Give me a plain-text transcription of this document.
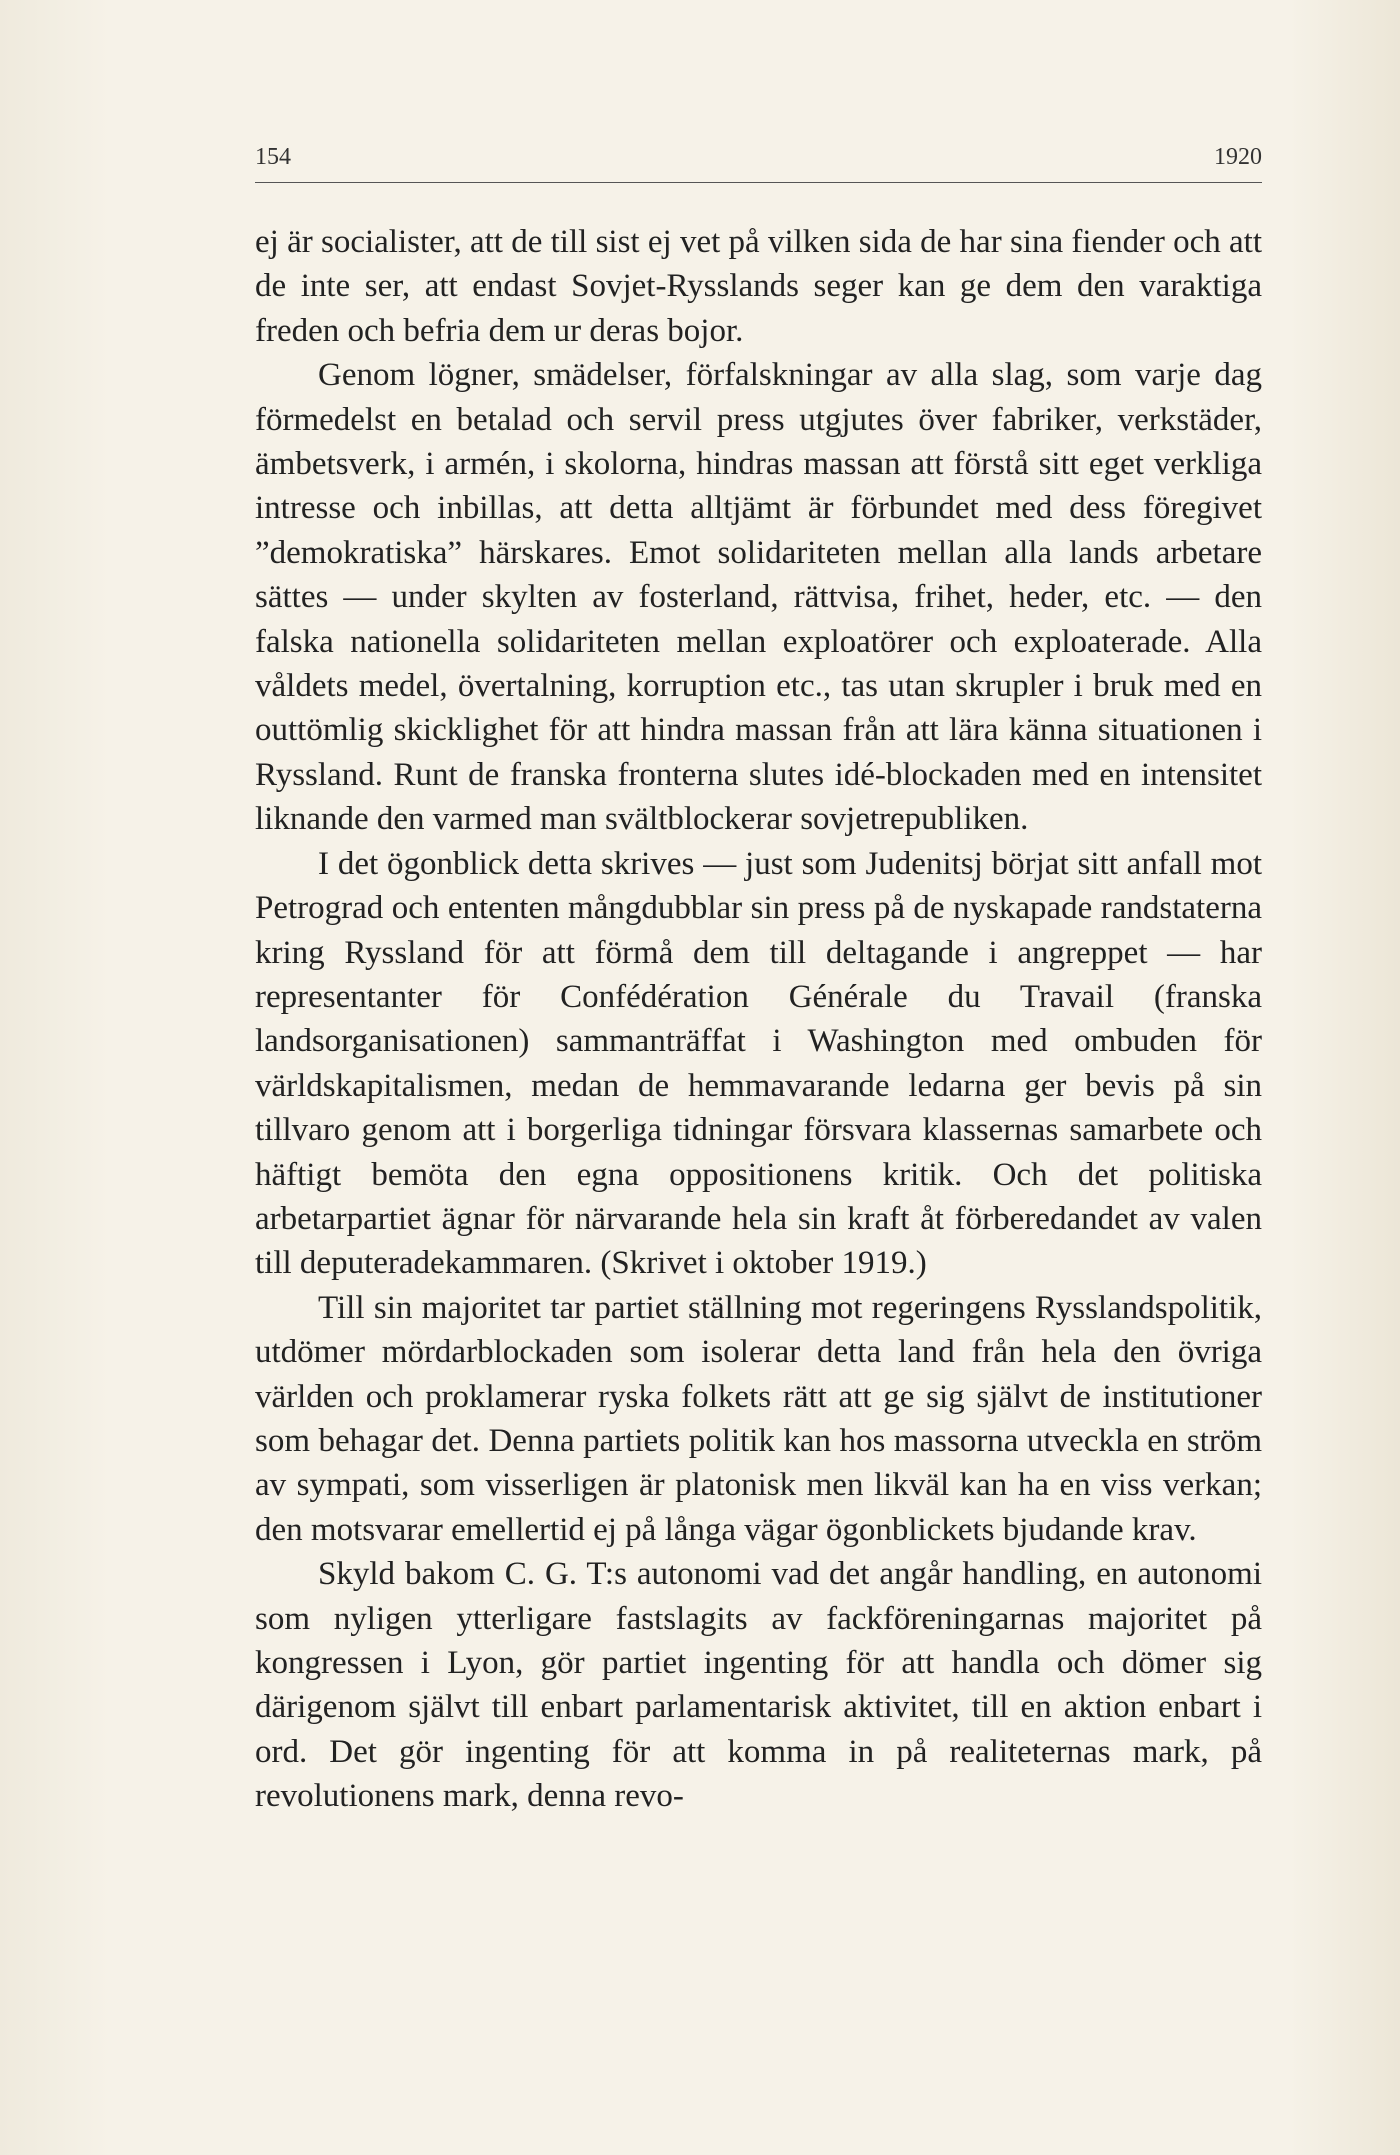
154	1920

ej är socialister, att de till sist ej vet på vilken sida de har sina fiender och att de inte ser, att endast Sovjet-Rysslands seger kan ge dem den varaktiga freden och befria dem ur deras bojor.

Genom lögner, smädelser, förfalskningar av alla slag, som varje dag förmedelst en betalad och servil press utgjutes över fabriker, verkstäder, ämbetsverk, i armén, i skolorna, hindras massan att förstå sitt eget verkliga intresse och inbillas, att detta alltjämt är förbundet med dess föregivet ”demokratiska” härskares. Emot solidariteten mellan alla lands arbetare sättes — under skylten av fosterland, rättvisa, frihet, heder, etc. — den falska nationella solidariteten mellan exploatörer och exploaterade. Alla våldets medel, övertalning, korruption etc., tas utan skrupler i bruk med en outtömlig skicklighet för att hindra massan från att lära känna situationen i Ryssland. Runt de franska fronterna slutes idé-blockaden med en intensitet liknande den varmed man svältblockerar sovjetrepubliken.

I det ögonblick detta skrives — just som Judenitsj börjat sitt anfall mot Petrograd och ententen mångdubblar sin press på de nyskapade randstaterna kring Ryssland för att förmå dem till deltagande i angreppet — har representanter för Confédération Générale du Travail (franska landsorganisationen) sammanträffat i Washington med ombuden för världskapitalismen, medan de hemmavarande ledarna ger bevis på sin tillvaro genom att i borgerliga tidningar försvara klassernas samarbete och häftigt bemöta den egna oppositionens kritik. Och det politiska arbetarpartiet ägnar för närvarande hela sin kraft åt förberedandet av valen till deputeradekammaren. (Skrivet i oktober 1919.)

Till sin majoritet tar partiet ställning mot regeringens Rysslandspolitik, utdömer mördarblockaden som isolerar detta land från hela den övriga världen och proklamerar ryska folkets rätt att ge sig självt de institutioner som behagar det. Denna partiets politik kan hos massorna utveckla en ström av sympati, som visserligen är platonisk men likväl kan ha en viss verkan; den motsvarar emellertid ej på långa vägar ögonblickets bjudande krav.

Skyld bakom C. G. T:s autonomi vad det angår handling, en autonomi som nyligen ytterligare fastslagits av fackföreningarnas majoritet på kongressen i Lyon, gör partiet ingenting för att handla och dömer sig därigenom självt till enbart parlamentarisk aktivitet, till en aktion enbart i ord. Det gör ingenting för att komma in på realiteternas mark, på revolutionens mark, denna revo-
